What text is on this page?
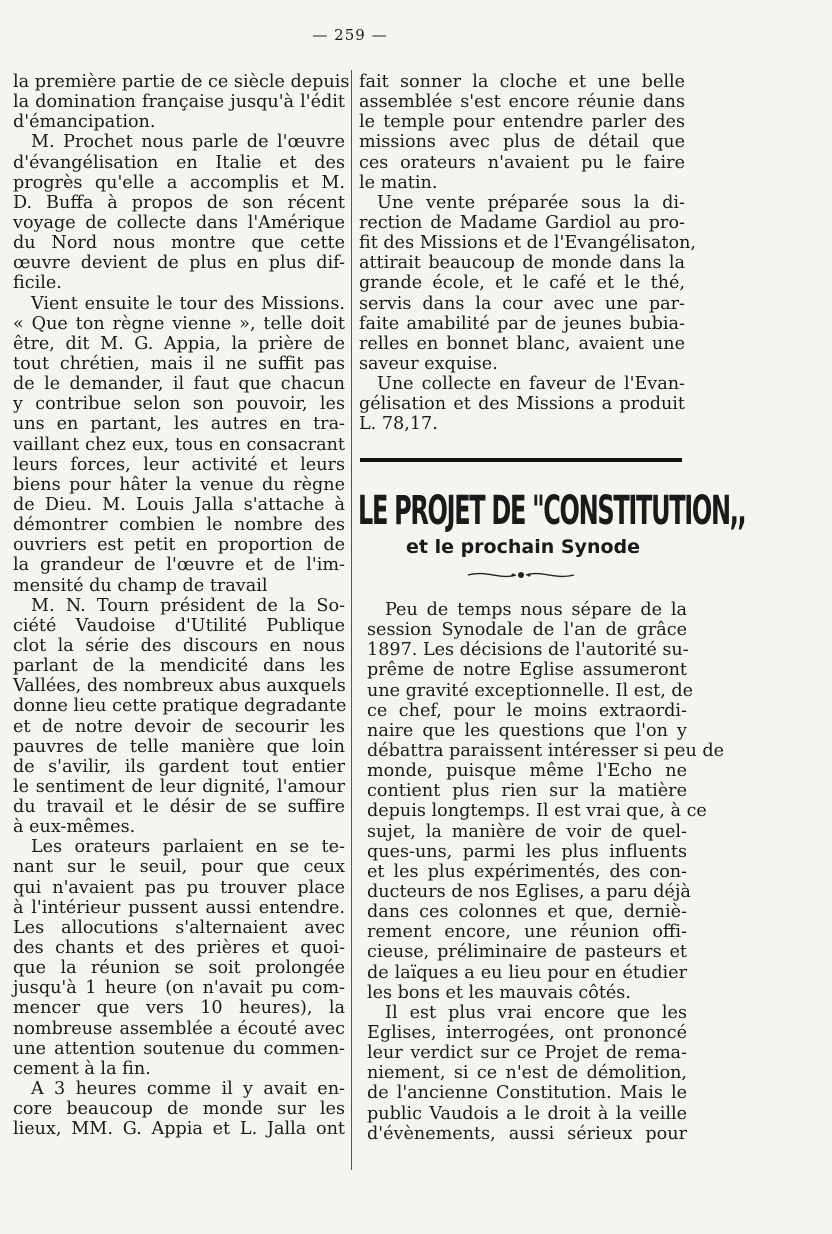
— 259 —

la première partie de ce siècle depuis

la domination française jusqu'à l'édit

d'émancipation.

M. Prochet nous parle de l'œuvre

d'évangélisation en Italie et des

progrès qu'elle a accomplis et M.

D. Buffa à propos de son récent

voyage de collecte dans l'Amérique

du Nord nous montre que cette

œuvre devient de plus en plus dif-

ficile.

Vient ensuite le tour des Missions.

« Que ton règne vienne », telle doit

être, dit M. G. Appia, la prière de

tout chrétien, mais il ne suffit pas

de le demander, il faut que chacun

y contribue selon son pouvoir, les

uns en partant, les autres en tra-

vaillant chez eux, tous en consacrant

leurs forces, leur activité et leurs

biens pour hâter la venue du règne

de Dieu. M. Louis Jalla s'attache à

démontrer combien le nombre des

ouvriers est petit en proportion de

la grandeur de l'œuvre et de l'im-

mensité du champ de travail

M. N. Tourn président de la So-

ciété Vaudoise d'Utilité Publique

clot la série des discours en nous

parlant de la mendicité dans les

Vallées, des nombreux abus auxquels

donne lieu cette pratique degradante

et de notre devoir de secourir les

pauvres de telle manière que loin

de s'avilir, ils gardent tout entier

le sentiment de leur dignité, l'amour

du travail et le désir de se suffire

à eux-mêmes.

Les orateurs parlaient en se te-

nant sur le seuil, pour que ceux

qui n'avaient pas pu trouver place

à l'intérieur pussent aussi entendre.

Les allocutions s'alternaient avec

des chants et des prières et quoi-

que la réunion se soit prolongée

jusqu'à 1 heure (on n'avait pu com-

mencer que vers 10 heures), la

nombreuse assemblée a écouté avec

une attention soutenue du commen-

cement à la fin.

A 3 heures comme il y avait en-

core beaucoup de monde sur les

lieux, MM. G. Appia et L. Jalla ont

fait sonner la cloche et une belle

assemblée s'est encore réunie dans

le temple pour entendre parler des

missions avec plus de détail que

ces orateurs n'avaient pu le faire

le matin.

Une vente préparée sous la di-

rection de Madame Gardiol au pro-

fit des Missions et de l'Evangélisaton,

attirait beaucoup de monde dans la

grande école, et le café et le thé,

servis dans la cour avec une par-

faite amabilité par de jeunes bubia-

relles en bonnet blanc, avaient une

saveur exquise.

Une collecte en faveur de l'Evan-

gélisation et des Missions a produit

L. 78,17.

LE PROJET DE "CONSTITUTION,,
et le prochain Synode

Peu de temps nous sépare de la

session Synodale de l'an de grâce

1897. Les décisions de l'autorité su-

prême de notre Eglise assumeront

une gravité exceptionnelle. Il est, de

ce chef, pour le moins extraordi-

naire que les questions que l'on y

débattra paraissent intéresser si peu de

monde, puisque même l'Echo ne

contient plus rien sur la matière

depuis longtemps. Il est vrai que, à ce

sujet, la manière de voir de quel-

ques-uns, parmi les plus influents

et les plus expérimentés, des con-

ducteurs de nos Eglises, a paru déjà

dans ces colonnes et que, derniè-

rement encore, une réunion offi-

cieuse, préliminaire de pasteurs et

de laïques a eu lieu pour en étudier

les bons et les mauvais côtés.

Il est plus vrai encore que les

Eglises, interrogées, ont prononcé

leur verdict sur ce Projet de rema-

niement, si ce n'est de démolition,

de l'ancienne Constitution. Mais le

public Vaudois a le droit à la veille

d'évènements, aussi sérieux pour
